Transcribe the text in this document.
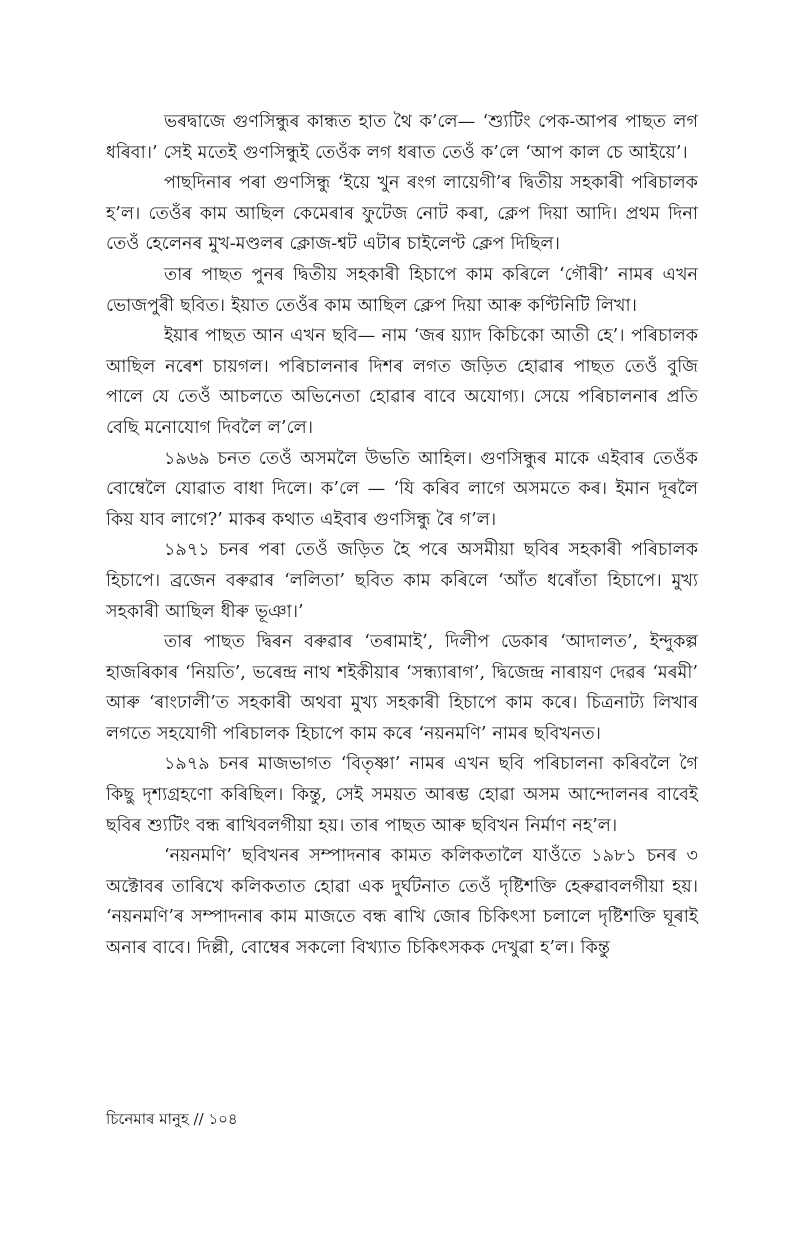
ভৰদ্বাজে গুণসিন্ধুৰ কান্ধত হাত থৈ ক’লে— ‘শ্যুটিং পেক-আপৰ পাছত লগ ধৰিবা।’ সেই মতেই গুণসিন্ধুই তেওঁক লগ ধৰাত তেওঁ ক’লে ‘আপ কাল চে আইয়ে’।

পাছদিনাৰ পৰা গুণসিন্ধু ‘ইয়ে খুন ৰংগ লায়েগী’ৰ দ্বিতীয় সহকাৰী পৰিচালক হ’ল। তেওঁৰ কাম আছিল কেমেৰাৰ ফুটেজ নোট কৰা, ক্লেপ দিয়া আদি। প্ৰথম দিনা তেওঁ হেলেনৰ মুখ-মণ্ডলৰ ক্লোজ-শ্বট এটাৰ চাইলেণ্ট ক্লেপ দিছিল।

তাৰ পাছত পুনৰ দ্বিতীয় সহকাৰী হিচাপে কাম কৰিলে ‘গৌৰী’ নামৰ এখন ভোজপুৰী ছবিত। ইয়াত তেওঁৰ কাম আছিল ক্লেপ দিয়া আৰু কণ্টিনিটি লিখা।

ইয়াৰ পাছত আন এখন ছবি— নাম ‘জৰ য়্যাদ কিচিকো আতী হে’। পৰিচালক আছিল নৰেশ চায়গল। পৰিচালনাৰ দিশৰ লগত জড়িত হোৱাৰ পাছত তেওঁ বুজি পালে যে তেওঁ আচলতে অভিনেতা হোৱাৰ বাবে অযোগ্য। সেয়ে পৰিচালনাৰ প্ৰতি বেছি মনোযোগ দিবলৈ ল’লে।

১৯৬৯ চনত তেওঁ অসমলৈ উভতি আহিল। গুণসিন্ধুৰ মাকে এইবাৰ তেওঁক বোম্বেলৈ যোৱাত বাধা দিলে। ক’লে — ‘যি কৰিব লাগে অসমতে কৰ। ইমান দূৰলৈ কিয় যাব লাগে?’ মাকৰ কথাত এইবাৰ গুণসিন্ধু ৰৈ গ’ল।

১৯৭১ চনৰ পৰা তেওঁ জড়িত হৈ পৰে অসমীয়া ছবিৰ সহকাৰী পৰিচালক হিচাপে। ব্ৰজেন বৰুৱাৰ ‘ললিতা’ ছবিত কাম কৰিলে ‘আঁত ধৰোঁতা হিচাপে। মুখ্য সহকাৰী আছিল ধীৰু ভূঞা।’

তাৰ পাছত দ্বিৰন বৰুৱাৰ ‘তৰামাই’, দিলীপ ডেকাৰ ‘আদালত’, ইন্দুকল্প হাজৰিকাৰ ‘নিয়তি’, ভৰেন্দ্ৰ নাথ শইকীয়াৰ ‘সন্ধ্যাৰাগ’, দ্বিজেন্দ্ৰ নাৰায়ণ দেৱৰ ‘মৰমী’ আৰু ‘ৰাংঢালী’ত সহকাৰী অথবা মুখ্য সহকাৰী হিচাপে কাম কৰে। চিত্ৰনাট্য লিখাৰ লগতে সহযোগী পৰিচালক হিচাপে কাম কৰে ‘নয়নমণি’ নামৰ ছবিখনত।

১৯৭৯ চনৰ মাজভাগত ‘বিতৃষ্ণা’ নামৰ এখন ছবি পৰিচালনা কৰিবলৈ গৈ কিছু দৃশ্যগ্ৰহণো কৰিছিল। কিন্তু, সেই সময়ত আৰম্ভ হোৱা অসম আন্দোলনৰ বাবেই ছবিৰ শ্যুটিং বন্ধ ৰাখিবলগীয়া হয়। তাৰ পাছত আৰু ছবিখন নিৰ্মাণ নহ’ল।

‘নয়নমণি’ ছবিখনৰ সম্পাদনাৰ কামত কলিকতালৈ যাওঁতে ১৯৮১ চনৰ ৩ অক্টোবৰ তাৰিখে কলিকতাত হোৱা এক দুৰ্ঘটনাত তেওঁ দৃষ্টিশক্তি হেৰুৱাবলগীয়া হয়। ‘নয়নমণি’ৰ সম্পাদনাৰ কাম মাজতে বন্ধ ৰাখি জোৰ চিকিৎসা চলালে দৃষ্টিশক্তি ঘূৰাই অনাৰ বাবে। দিল্লী, বোম্বেৰ সকলো বিখ্যাত চিকিৎসকক দেখুৱা হ’ল। কিন্তু

চিনেমাৰ মানুহ // ১০৪
